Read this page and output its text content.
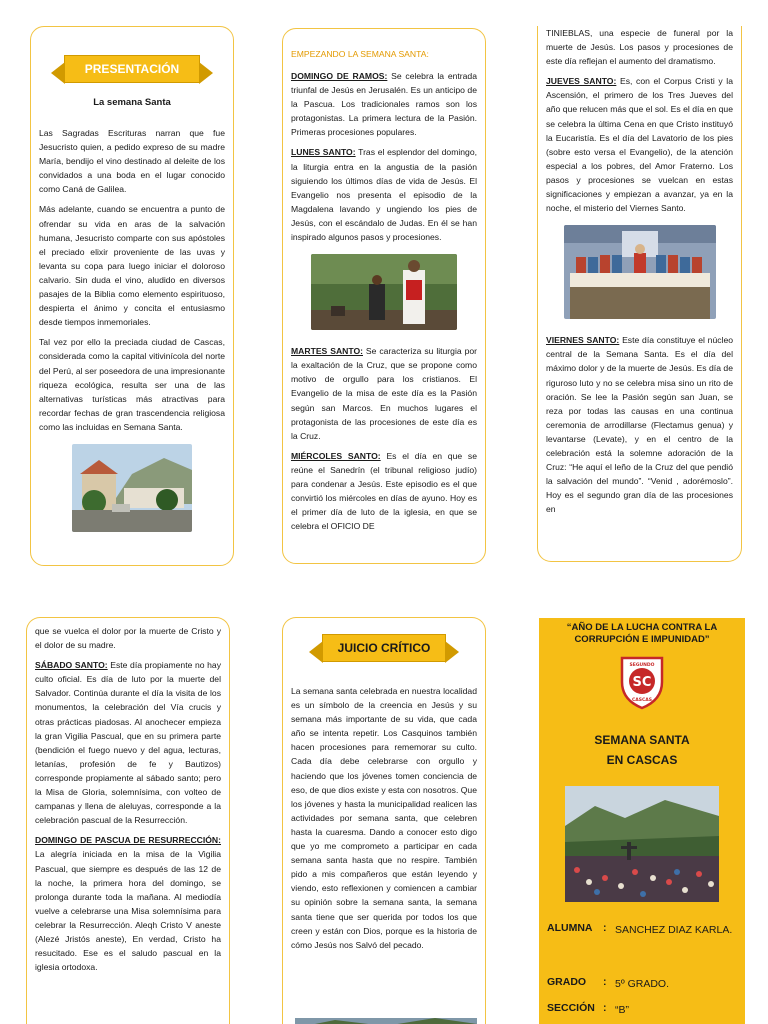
PRESENTACIÓN
La semana Santa

Las Sagradas Escrituras narran que fue Jesucristo quien, a pedido expreso de su madre María, bendijo el vino destinado al deleite de los convidados a una boda en el lugar conocido como Caná de Galilea.

Más adelante, cuando se encuentra a punto de ofrendar su vida en aras de la salvación humana, Jesucristo comparte con sus apóstoles el preciado elixir proveniente de las uvas y levanta su copa para luego iniciar el doloroso calvario. Sin duda el vino, aludido en diversos pasajes de la Biblia como elemento espirituoso, despierta el ánimo y concita el entusiasmo desde tiempos inmemoriales.

Tal vez por ello la preciada ciudad de Cascas, considerada como la capital vitivinícola del norte del Perú, al ser poseedora de una impresionante riqueza ecológica, resulta ser una de las alternativas turísticas más atractivas para recordar fechas de gran trascendencia religiosa como las incluidas en Semana Santa.

EMPEZANDO LA SEMANA SANTA:

DOMINGO DE RAMOS: Se celebra la entrada triunfal de Jesús en Jerusalén. Es un anticipo de la Pascua. Los tradicionales ramos son los protagonistas. La primera lectura de la Pasión. Primeras procesiones populares.

LUNES SANTO: Tras el esplendor del domingo, la liturgia entra en la angustia de la pasión siguiendo los últimos días de vida de Jesús. El Evangelio nos presenta el episodio de la Magdalena lavando y ungiendo los pies de Jesús, con el escándalo de Judas. En él se han inspirado algunos pasos y procesiones.

MARTES SANTO: Se caracteriza su liturgia por la exaltación de la Cruz, que se propone como motivo de orgullo para los cristianos. El Evangelio de la misa de este día es la Pasión según san Marcos. En muchos lugares el protagonista de las procesiones de este día es la Cruz.

MIÉRCOLES SANTO: Es el día en que se reúne el Sanedrín (el tribunal religioso judío) para condenar a Jesús. Este episodio es el que convirtió los miércoles en días de ayuno. Hoy es el primer día de luto de la iglesia, en que se celebra el OFICIO DE

TINIEBLAS, una especie de funeral por la muerte de Jesús. Los pasos y procesiones de este día reflejan el aumento del dramatismo.

JUEVES SANTO: Es, con el Corpus Cristi y la Ascensión, el primero de los Tres Jueves del año que relucen más que el sol. Es el día en que se celebra la última Cena en que Cristo instituyó la Eucaristía. Es el día del Lavatorio de los pies (sobre esto versa el Evangelio), de la atención especial a los pobres, del Amor Fraterno. Los pasos y procesiones se vuelcan en estas significaciones y empiezan a avanzar, ya en la noche, el misterio del Viernes Santo.

VIERNES SANTO: Este día constituye el núcleo central de la Semana Santa. Es el día del máximo dolor y de la muerte de Jesús. Es día de riguroso luto y no se celebra misa sino un rito de oración. Se lee la Pasión según san Juan, se reza por todas las causas en una continua ceremonia de arrodillarse (Flectamus genua) y levantarse (Levate), y en el centro de la celebración está la solemne adoración de la Cruz: “He aquí el leño de la Cruz del que pendió la salvación del mundo”. “Venid , adorémoslo”. Hoy es el segundo gran día de las procesiones en

que se vuelca el dolor por la muerte de Cristo y el dolor de su madre.

SÁBADO SANTO: Este día propiamente no hay culto oficial. Es día de luto por la muerte del Salvador. Continúa durante el día la visita de los monumentos, la celebración del Vía crucis y otras prácticas piadosas. Al anochecer empieza la gran Vigilia Pascual, que en su primera parte (bendición el fuego nuevo y del agua, lecturas, letanías, profesión de fe y Bautizos) corresponde propiamente al sábado santo; pero la Misa de Gloria, solemnísima, con volteo de campanas y llena de aleluyas, corresponde a la celebración pascual de la Resurrección.

DOMINGO DE PASCUA DE RESURRECCIÓN: La alegría iniciada en la misa de la Vigilia Pascual, que siempre es después de las 12 de la noche, la primera hora del domingo, se prolonga durante toda la mañana. Al mediodía vuelve a celebrarse una Misa solemnísima para celebrar la Resurrección. Aleqh Cristo V aneste (Alezé Jristós aneste), En verdad, Cristo ha resucitado. Ese es el saludo pascual en la iglesia ortodoxa.

JUICIO CRÍTICO

La semana santa celebrada en nuestra localidad es un símbolo de la creencia en Jesús y su semana más importante de su vida, que cada año se intenta repetir. Los Casquinos también hacen procesiones para rememorar su culto. Cada día debe celebrarse con orgullo y haciendo que los jóvenes tomen conciencia de eso, de que dios existe y esta con nosotros. Que los jóvenes y hasta la municipalidad realicen las actividades por semana santa, que celebren hasta la cuaresma. Dando a conocer esto digo que yo me comprometo a participar en cada semana santa hasta que no respire. También pido a mis compañeros que están leyendo y viendo, esto reflexionen y comiencen a cambiar su opinión sobre la semana santa, la semana santa tiene que ser querida por todos los que creen y están con Dios, porque es la historia de cómo Jesús nos Salvó del pecado.

“AÑO DE LA LUCHA CONTRA LA CORRUPCIÓN E IMPUNIDAD”
SC
SEGUNDO
CASCAS
SEMANA SANTA
EN CASCAS
ALUMNA	: SANCHEZ DIAZ KARLA.
GRADO	: 5º GRADO.
SECCIÓN : “B”
